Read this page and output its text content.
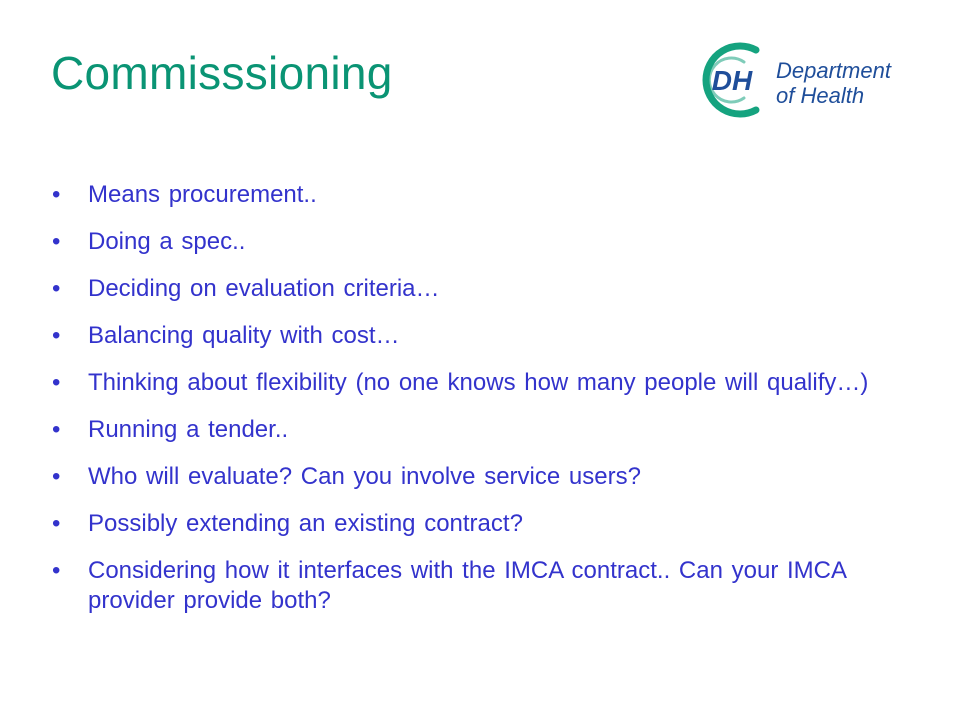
Commisssioning	DH Department
of Health
•	Means procurement..
•	Doing a spec..
•	Deciding on evaluation criteria…
•	Balancing quality with cost…
•	Thinking about flexibility (no one knows how many people will qualify…)
•	Running a tender..
•	Who will evaluate? Can you involve service users?
•	Possibly extending an existing contract?
•	Considering how it interfaces with the IMCA contract.. Can your IMCA provider provide both?
